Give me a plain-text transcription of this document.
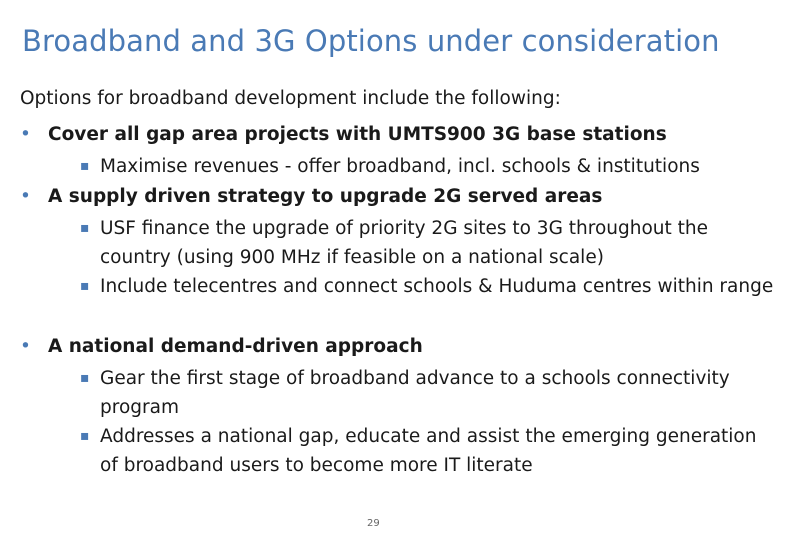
Broadband and 3G Options under consideration
Options for broadband development include the following:
• Cover all gap area projects with UMTS900 3G base stations
▪ Maximise revenues - offer broadband, incl. schools & institutions
• A supply driven strategy to upgrade 2G served areas
▪ USF finance the upgrade of priority 2G sites to 3G throughout the country (using 900 MHz if feasible on a national scale)
▪ Include telecentres and connect schools & Huduma centres within range
• A national demand-driven approach
▪ Gear the first stage of broadband advance to a schools connectivity program
▪ Addresses a national gap, educate and assist the emerging generation of broadband users to become more IT literate
29
